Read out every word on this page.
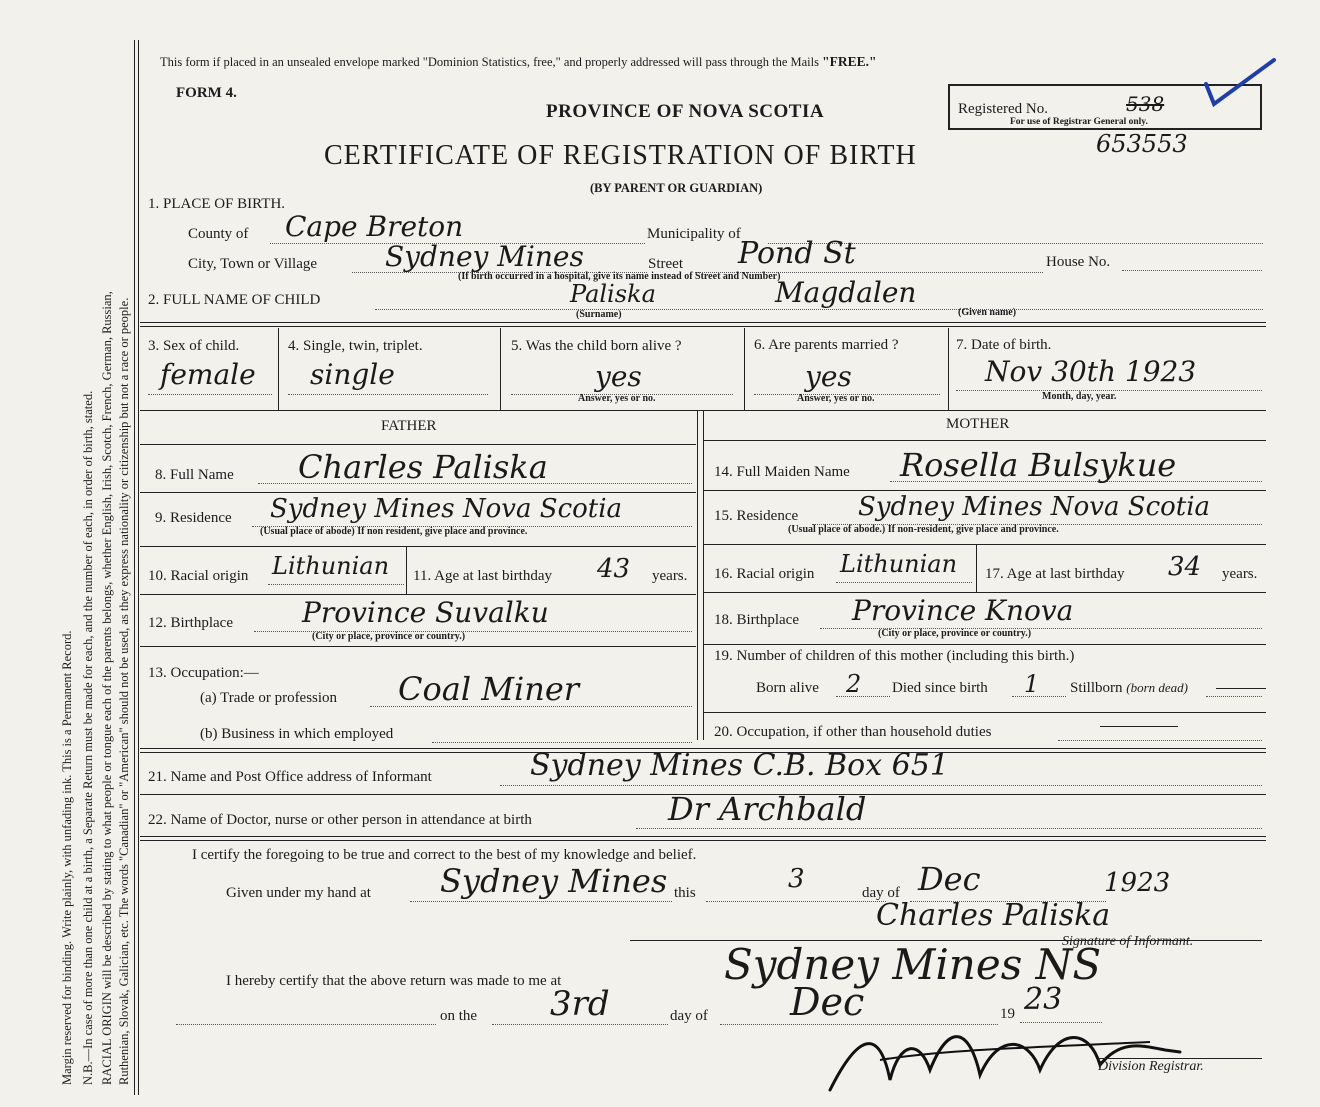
Margin reserved for binding. Write plainly, with unfading ink. This is a Permanent Record. N.B.—In case of more than one child at a birth, a Separate Return must be made for each, and the number of each, in order of birth, stated. RACIAL ORIGIN will be described by stating to what people or tongue each of the parents belongs, whether English, Irish, Scotch, French, German, Russian, Ruthenian, Slovak, Galician, etc. The words "Canadian" or "American" should not be used, as they express nationality or citizenship but not a race or people.
This form if placed in an unsealed envelope marked "Dominion Statistics, free," and properly addressed will pass through the Mails "FREE."
FORM 4.
PROVINCE OF NOVA SCOTIA
CERTIFICATE OF REGISTRATION OF BIRTH
(BY PARENT OR GUARDIAN)
653553
Registered No.	538
For use of Registrar General only.
1. PLACE OF BIRTH.
County of Cape Breton	Municipality of
City, Town or Village Sydney Mines	Street Pond St	House No.
(If birth occurred in a hospital, give its name instead of Street and Number)
2. FULL NAME OF CHILD	Paliska	Magdalen
(Surname)	(Given name)
3. Sex of child.
female
4. Single, twin, triplet.
single
5. Was the child born alive ?
yes
Answer, yes or no.
6. Are parents married ?
yes
Answer, yes or no.
7. Date of birth.
Nov 30th 1923
Month, day, year.
FATHER	MOTHER
8. Full Name Charles Paliska	14. Full Maiden Name Rosella Bulsykue
9. Residence Sydney Mines Nova Scotia
(Usual place of abode) If non resident, give place and province.
15. Residence Sydney Mines Nova Scotia
(Usual place of abode.) If non-resident, give place and province.
10. Racial origin Lithunian 11. Age at last birthday 43 years. 16. Racial origin Lithunian 17. Age at last birthday 34 years.
12. Birthplace Province Suvalku
(City or place, province or country.)
18. Birthplace Province Knova
(City or place, province or country.)
13. Occupation:—
(a) Trade or profession Coal Miner
(b) Business in which employed
19. Number of children of this mother (including this birth.)
Born alive 2 Died since birth 1 Stillborn (born dead)
20. Occupation, if other than household duties
21. Name and Post Office address of Informant	Sydney Mines C.B. Box 651
22. Name of Doctor, nurse or other person in attendance at birth	Dr Archbald
I certify the foregoing to be true and correct to the best of my knowledge and belief.
Given under my hand at Sydney Mines this	3	day of Dec	1923
Charles Paliska
Signature of Informant.
I hereby certify that the above return was made to me at	Sydney Mines NS
on the 3rd	day of Dec	19 23
Division Registrar.
